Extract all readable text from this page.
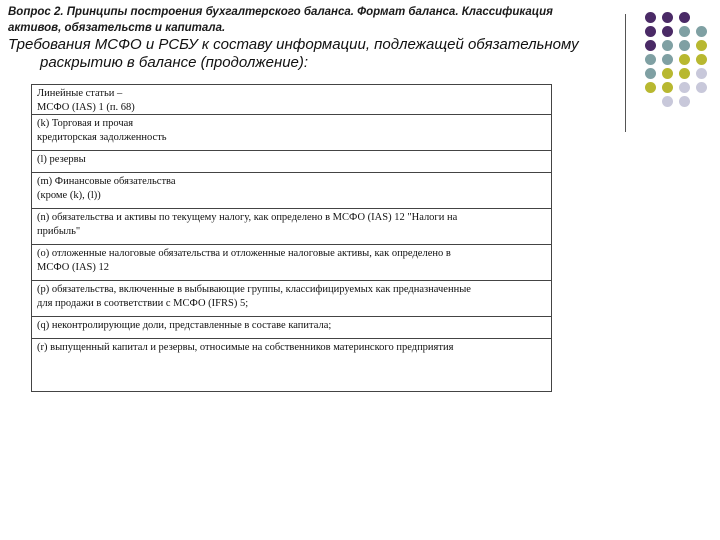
Вопрос 2. Принципы построения бухгалтерского баланса. Формат баланса. Классификация
активов, обязательств и капитала.
Требования МСФО и РСБУ к составу информации, подлежащей обязательному
раскрытию в балансе (продолжение):
Линейные статьи –
МСФО (IAS) 1 (п. 68)
(k) Торговая и прочая
кредиторская задолженность
(l) резервы
(m) Финансовые обязательства
(кроме (k), (l))
(n) обязательства и активы по текущему налогу, как определено в МСФО (IAS) 12 "Налоги на
прибыль"
(o) отложенные налоговые обязательства и отложенные налоговые активы, как определено в
МСФО (IAS) 12
(p) обязательства, включенные в выбывающие группы, классифицируемых как предназначенные
для продажи в соответствии с МСФО (IFRS) 5;
(q) неконтролирующие доли, представленные в составе капитала;
(r) выпущенный капитал и резервы, относимые на собственников материнского предприятия
